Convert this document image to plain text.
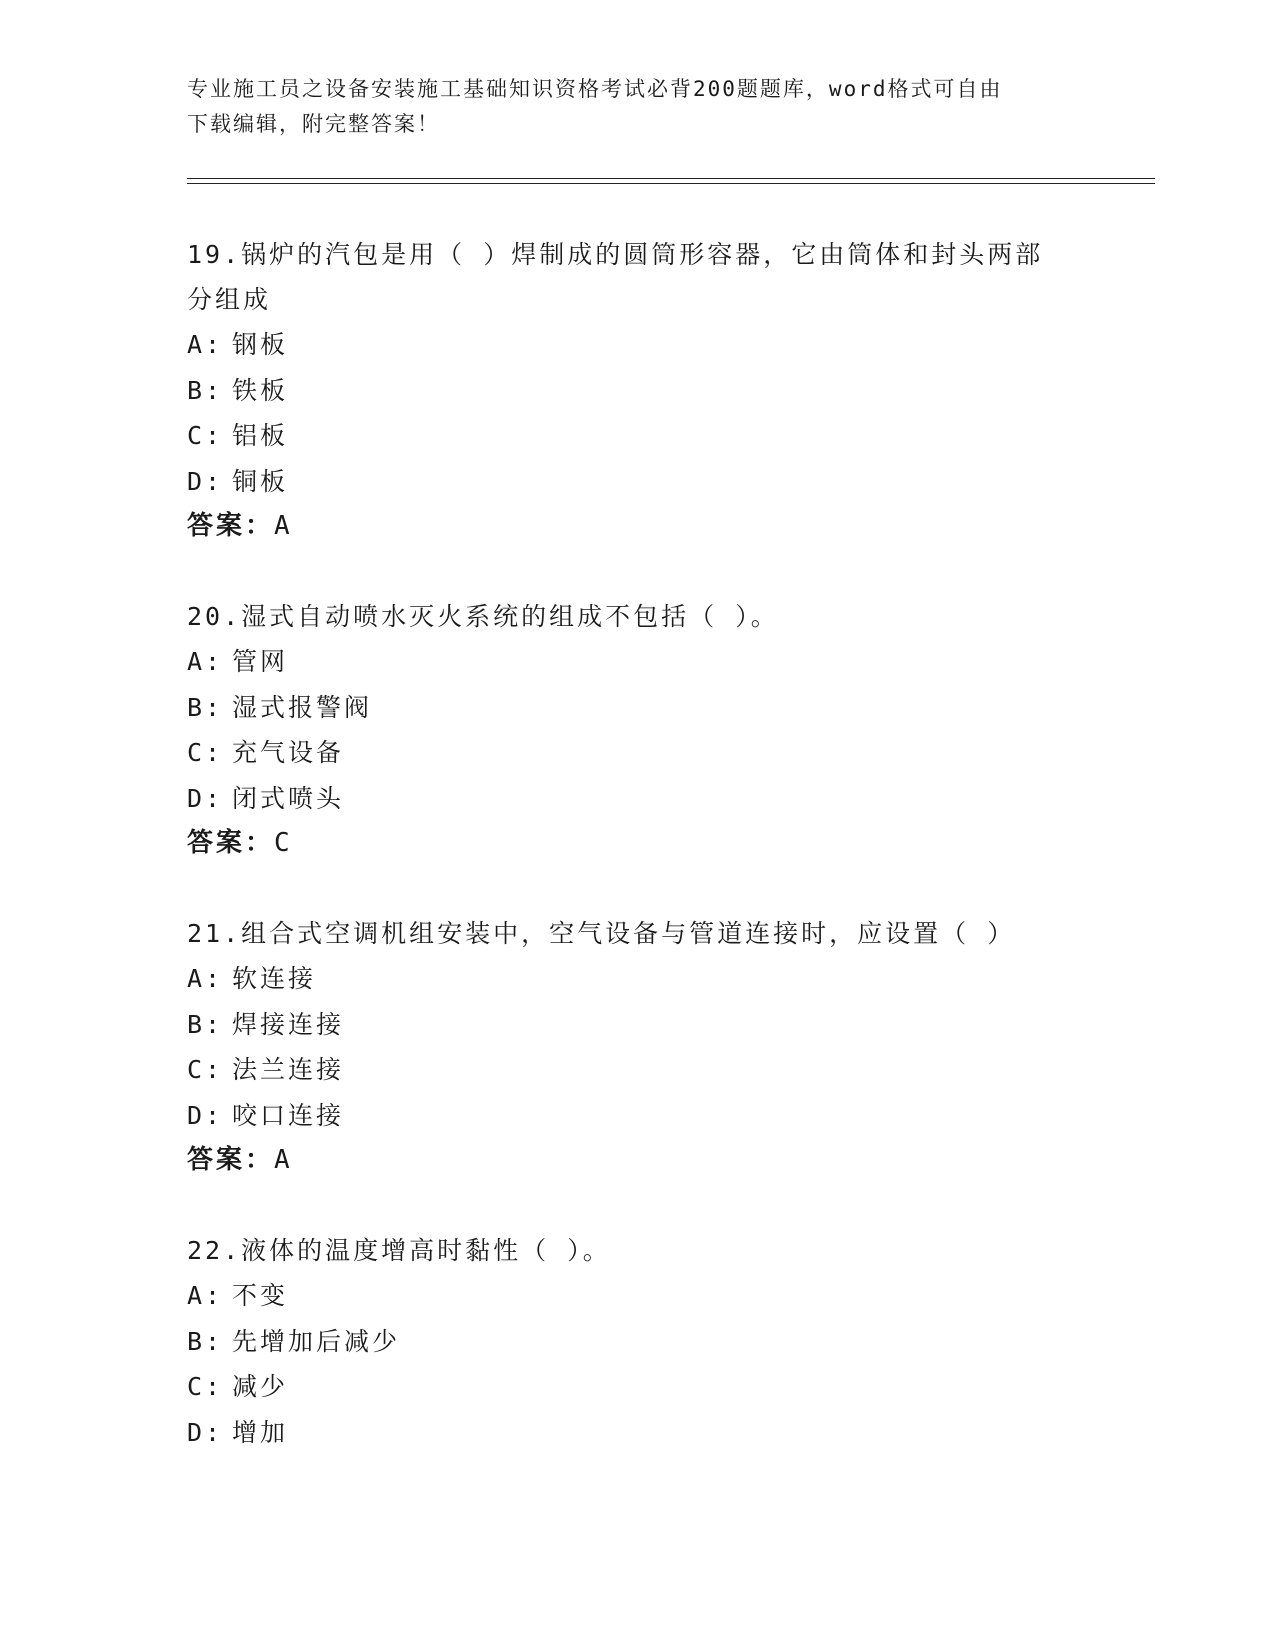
专业施工员之设备安装施工基础知识资格考试必背200题题库，word格式可自由
下载编辑，附完整答案！
19.锅炉的汽包是用（ ）焊制成的圆筒形容器，它由筒体和封头两部
分组成
A: 钢板
B: 铁板
C: 铝板
D: 铜板
答案：A
20.湿式自动喷水灭火系统的组成不包括（ ）。
A: 管网
B: 湿式报警阀
C: 充气设备
D: 闭式喷头
答案：C
21.组合式空调机组安装中，空气设备与管道连接时，应设置（ ）
A: 软连接
B: 焊接连接
C: 法兰连接
D: 咬口连接
答案：A
22.液体的温度增高时黏性（ ）。
A: 不变
B: 先增加后减少
C: 减少
D: 增加
